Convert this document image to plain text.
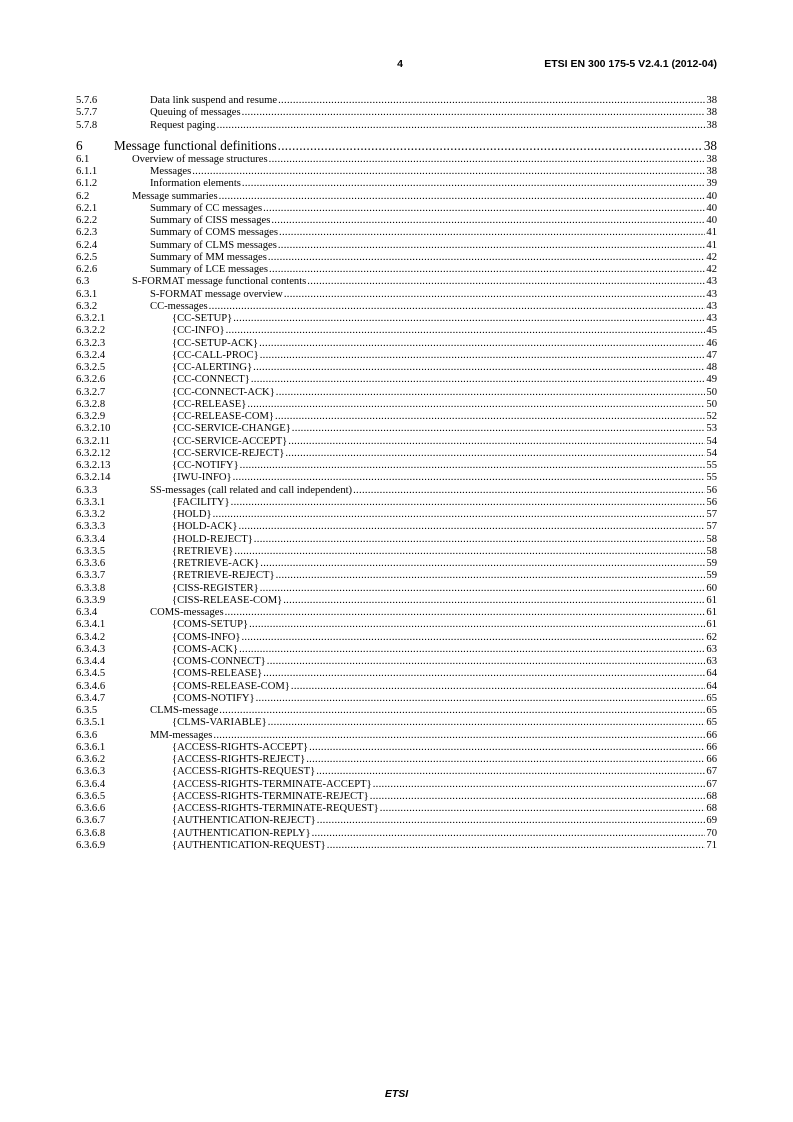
4	ETSI EN 300 175-5 V2.4.1 (2012-04)
5.7.6	Data link suspend and resume .....	38
5.7.7	Queuing of messages .....	38
5.7.8	Request paging .....	38
6	Message functional definitions .....	38
6.1	Overview of message structures .....	38
6.1.1	Messages .....	38
6.1.2	Information elements .....	39
6.2	Message summaries .....	40
6.2.1	Summary of CC messages .....	40
6.2.2	Summary of CISS messages .....	40
6.2.3	Summary of COMS messages .....	41
6.2.4	Summary of CLMS messages .....	41
6.2.5	Summary of MM messages .....	42
6.2.6	Summary of LCE messages .....	42
6.3	S-FORMAT message functional contents .....	43
6.3.1	S-FORMAT message overview .....	43
6.3.2	CC-messages .....	43
6.3.2.1	{CC-SETUP} .....	43
6.3.2.2	{CC-INFO} .....	45
6.3.2.3	{CC-SETUP-ACK} .....	46
6.3.2.4	{CC-CALL-PROC} .....	47
6.3.2.5	{CC-ALERTING} .....	48
6.3.2.6	{CC-CONNECT} .....	49
6.3.2.7	{CC-CONNECT-ACK} .....	50
6.3.2.8	{CC-RELEASE} .....	50
6.3.2.9	{CC-RELEASE-COM} .....	52
6.3.2.10	{CC-SERVICE-CHANGE} .....	53
6.3.2.11	{CC-SERVICE-ACCEPT} .....	54
6.3.2.12	{CC-SERVICE-REJECT} .....	54
6.3.2.13	{CC-NOTIFY} .....	55
6.3.2.14	{IWU-INFO} .....	55
6.3.3	SS-messages (call related and call independent) .....	56
6.3.3.1	{FACILITY} .....	56
6.3.3.2	{HOLD} .....	57
6.3.3.3	{HOLD-ACK} .....	57
6.3.3.4	{HOLD-REJECT} .....	58
6.3.3.5	{RETRIEVE} .....	58
6.3.3.6	{RETRIEVE-ACK} .....	59
6.3.3.7	{RETRIEVE-REJECT} .....	59
6.3.3.8	{CISS-REGISTER} .....	60
6.3.3.9	{CISS-RELEASE-COM} .....	61
6.3.4	COMS-messages .....	61
6.3.4.1	{COMS-SETUP} .....	61
6.3.4.2	{COMS-INFO} .....	62
6.3.4.3	{COMS-ACK} .....	63
6.3.4.4	{COMS-CONNECT} .....	63
6.3.4.5	{COMS-RELEASE} .....	64
6.3.4.6	{COMS-RELEASE-COM} .....	64
6.3.4.7	{COMS-NOTIFY} .....	65
6.3.5	CLMS-message .....	65
6.3.5.1	{CLMS-VARIABLE} .....	65
6.3.6	MM-messages .....	66
6.3.6.1	{ACCESS-RIGHTS-ACCEPT} .....	66
6.3.6.2	{ACCESS-RIGHTS-REJECT} .....	66
6.3.6.3	{ACCESS-RIGHTS-REQUEST} .....	67
6.3.6.4	{ACCESS-RIGHTS-TERMINATE-ACCEPT} .....	67
6.3.6.5	{ACCESS-RIGHTS-TERMINATE-REJECT} .....	68
6.3.6.6	{ACCESS-RIGHTS-TERMINATE-REQUEST} .....	68
6.3.6.7	{AUTHENTICATION-REJECT} .....	69
6.3.6.8	{AUTHENTICATION-REPLY} .....	70
6.3.6.9	{AUTHENTICATION-REQUEST} .....	71
ETSI
